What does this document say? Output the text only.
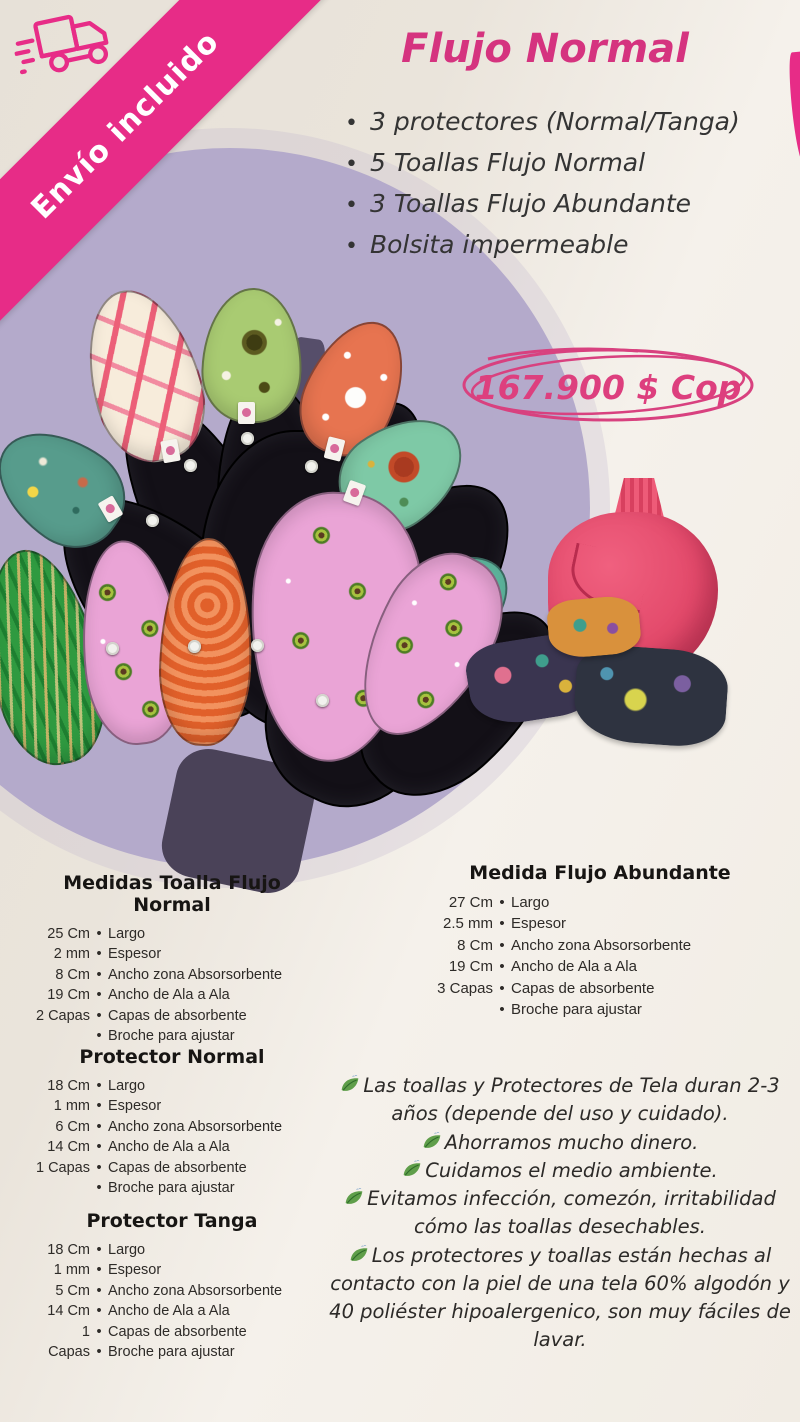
Envío incluido	Flujo Normal
• 3 protectores (Normal/Tanga)
• 5 Toallas Flujo Normal
• 3 Toallas Flujo Abundante
• Bolsita impermeable
167.900 $ Cop
Medidas Toalla Flujo Normal
25 Cm • Largo
2 mm • Espesor
8 Cm • Ancho zona Absorsorbente
19 Cm • Ancho de Ala a Ala
2 Capas • Capas de absorbente
•
Broche para ajustar
Protector Normal
18 Cm • Largo
1 mm • Espesor
6 Cm • Ancho zona Absorsorbente
14 Cm • Ancho de Ala a Ala
1 Capas • Capas de absorbente
•
Broche para ajustar
Protector Tanga
18 Cm • Largo
1 mm • Espesor
5 Cm • Ancho zona Absorsorbente
14 Cm • Ancho de Ala a Ala
1 • Capas de absorbente
Capas • Broche para ajustar
Medida Flujo Abundante
27 Cm • Largo
2.5 mm • Espesor
8 Cm • Ancho zona Absorsorbente
19 Cm • Ancho de Ala a Ala
3 Capas • Capas de absorbente
•
Broche para ajustar

Las toallas y Protectores de Tela duran 2-3 años (depende del uso y cuidado).

Ahorramos mucho dinero.

Cuidamos el medio ambiente.

Evitamos infección, comezón, irritabilidad cómo las toallas desechables.

Los protectores y toallas están hechas al contacto con la piel de una tela 60% algodón y 40 poliéster hipoalergenico, son muy fáciles de lavar.
